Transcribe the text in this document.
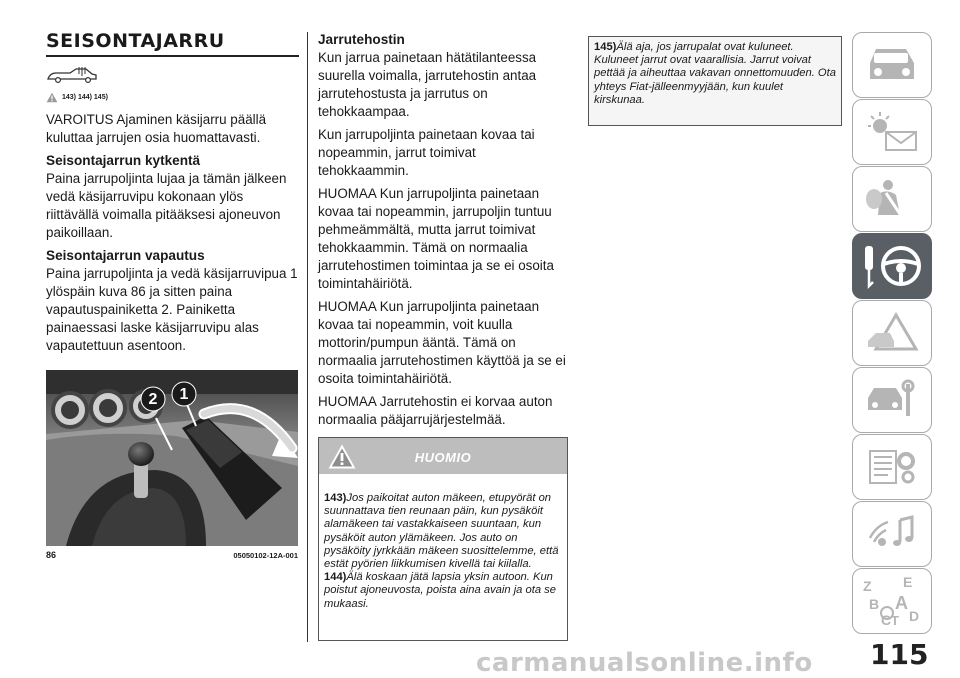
SEISONTAJARRU
143) 144) 145)

VAROITUS Ajaminen käsijarru päällä kuluttaa jarrujen osia huomattavasti.

Seisontajarrun kytkentä

Paina jarrupoljinta lujaa ja tämän jälkeen vedä käsijarruvipu kokonaan ylös riittävällä voimalla pitääksesi ajoneuvon paikoillaan.

Seisontajarrun vapautus

Paina jarrupoljinta ja vedä käsijarruvipua 1 ylöspäin kuva 86 ja sitten paina vapautuspainiketta 2. Painiketta painaessasi laske käsijarruvipu alas vapautettuun asentoon.

2 1
86	05050102-12A-001

Jarrutehostin

Kun jarrua painetaan hätätilanteessa suurella voimalla, jarrutehostin antaa jarrutehostusta ja jarrutus on tehokkaampaa.

Kun jarrupoljinta painetaan kovaa tai nopeammin, jarrut toimivat tehokkaammin.

HUOMAA Kun jarrupoljinta painetaan kovaa tai nopeammin, jarrupoljin tuntuu pehmeämmältä, mutta jarrut toimivat tehokkaammin. Tämä on normaalia jarrutehostimen toimintaa ja se ei osoita toimintahäiriötä.

HUOMAA Kun jarrupoljinta painetaan kovaa tai nopeammin, voit kuulla mottorin/pumpun ääntä. Tämä on normaalia jarrutehostimen käyttöä ja se ei osoita toimintahäiriötä.

HUOMAA Jarrutehostin ei korvaa auton normaalia pääjarrujärjestelmää.

HUOMIO

143)Jos paikoitat auton mäkeen, etupyörät on suunnattava tien reunaan päin, kun pysäköit alamäkeen tai vastakkaiseen suuntaan, kun pysäköit auton ylämäkeen. Jos auto on pysäköity jyrkkään mäkeen suosittelemme, että estät pyörien liikkumisen kivellä tai kiilalla.

144)Älä koskaan jätä lapsia yksin autoon. Kun poistut ajoneuvosta, poista aina avain ja ota se mukaasi.

145)Älä aja, jos jarrupalat ovat kuluneet. Kuluneet jarrut ovat vaarallisia. Jarrut voivat pettää ja aiheuttaa vakavan onnettomuuden. Ota yhteys Fiat-jälleenmyyjään, kun kuulet kirskunaa.

Z E
B A
C T D
115
carmanualsonline.info
